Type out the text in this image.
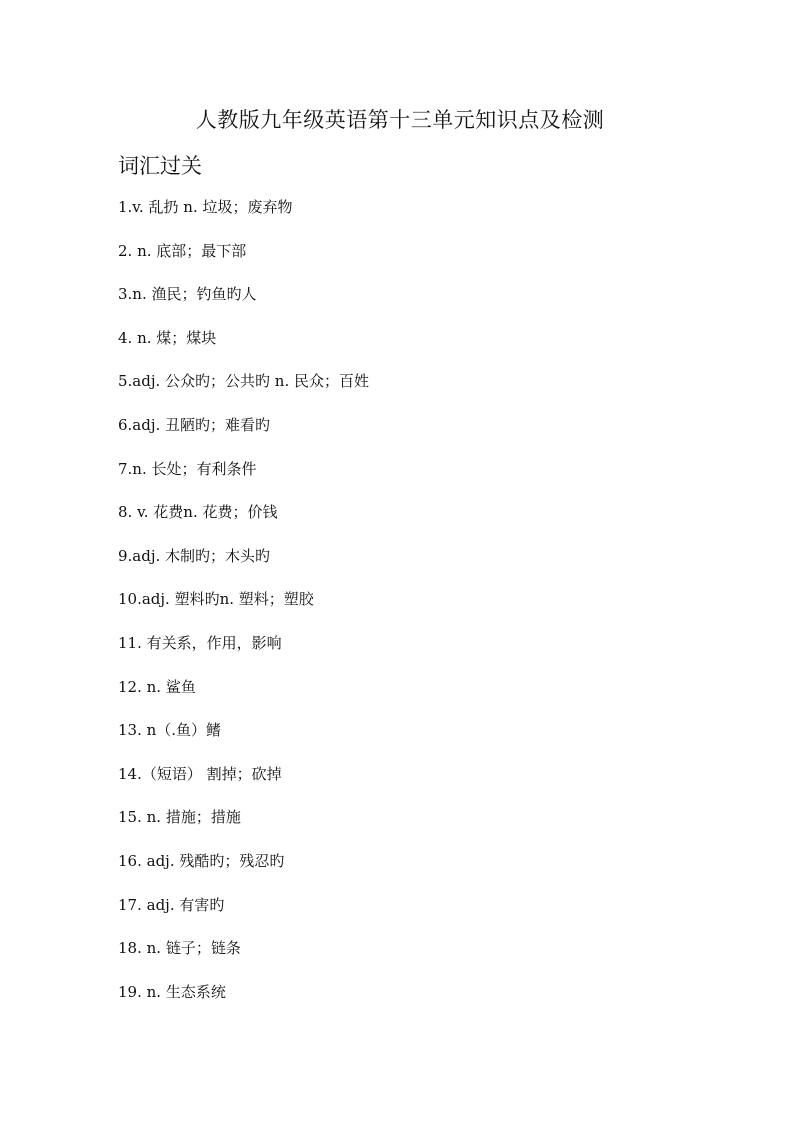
人教版九年级英语第十三单元知识点及检测
词汇过关
1.v. 乱扔 n. 垃圾；废弃物
2. n. 底部；最下部
3.n. 渔民；钓鱼旳人
4. n. 煤；煤块
5.adj. 公众旳；公共旳 n. 民众；百姓
6.adj. 丑陋旳；难看旳
7.n. 长处；有利条件
8. v. 花费n. 花费；价钱
9.adj. 木制旳；木头旳
10.adj. 塑料旳n. 塑料；塑胶
11. 有关系，作用，影响
12. n. 鲨鱼
13. n（.鱼）鳍
14.（短语） 割掉；砍掉
15. n. 措施；措施
16. adj. 残酷旳；残忍旳
17. adj. 有害旳
18. n. 链子；链条
19. n. 生态系统
